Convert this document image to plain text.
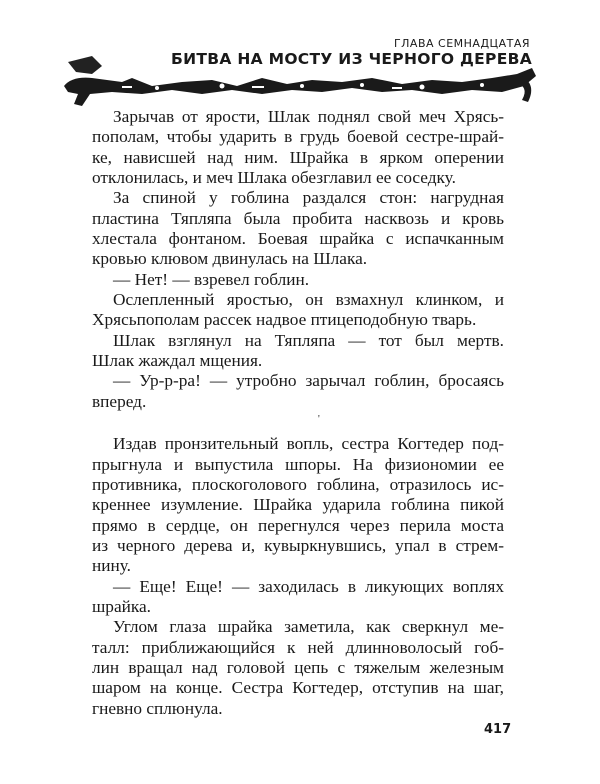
ГЛАВА СЕМНАДЦАТАЯ
БИТВА НА МОСТУ ИЗ ЧЕРНОГО ДЕРЕВА
Зарычав от ярости, Шлак поднял свой меч Хрясь-
пополам, чтобы ударить в грудь боевой сестре-шрай-
ке, нависшей над ним. Шрайка в ярком оперении
отклонилась, и меч Шлака обезглавил ее соседку.
За спиной у гоблина раздался стон: нагрудная
пластина Тяпляпа была пробита насквозь и кровь
хлестала фонтаном. Боевая шрайка с испачканным
кровью клювом двинулась на Шлака.
— Нет! — взревел гоблин.
Ослепленный яростью, он взмахнул клинком, и
Хрясьпополам рассек надвое птицеподобную тварь.
Шлак взглянул на Тяпляпа — тот был мертв.
Шлак жаждал мщения.
— Ур-р-ра! — утробно зарычал гоблин, бросаясь
вперед.
'
Издав пронзительный вопль, сестра Когтедер под-
прыгнула и выпустила шпоры. На физиономии ее
противника, плоскоголового гоблина, отразилось ис-
креннее изумление. Шрайка ударила гоблина пикой
прямо в сердце, он перегнулся через перила моста
из черного дерева и, кувыркнувшись, упал в стрем-
нину.
— Еще! Еще! — заходилась в ликующих воплях
шрайка.
Углом глаза шрайка заметила, как сверкнул ме-
талл: приближающийся к ней длинноволосый гоб-
лин вращал над головой цепь с тяжелым железным
шаром на конце. Сестра Когтедер, отступив на шаг,
гневно сплюнула.
417
